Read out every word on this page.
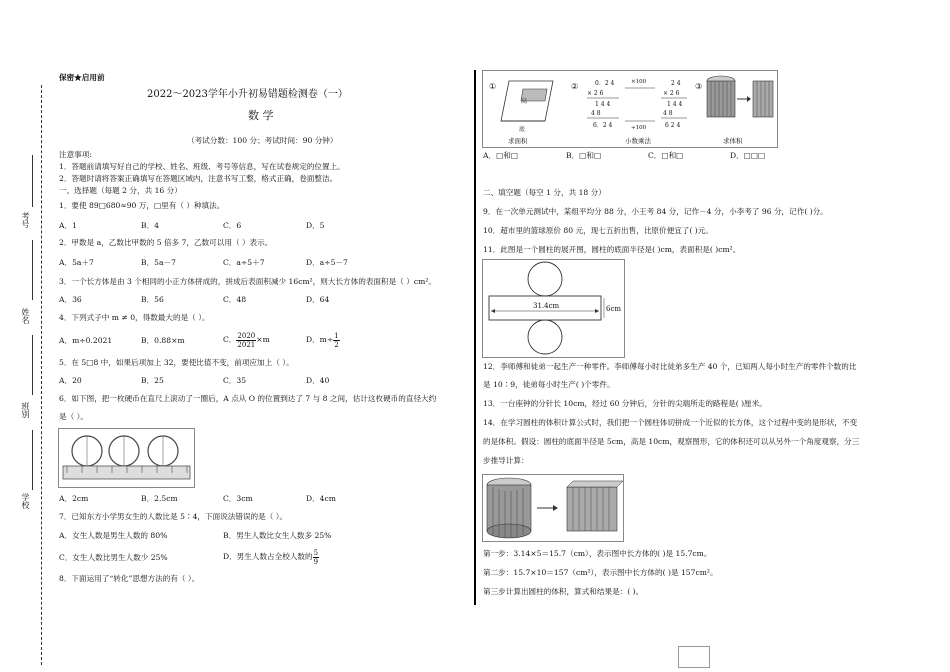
考号
姓名
班别
学校
保密★启用前
2022～2023学年小升初易错题检测卷（一）
数 学
（考试分数：100 分；考试时间：90 分钟）
注意事项:
1．答题前请填写好自己的学校、姓名、班级、考号等信息，写在试卷规定的位置上。
2．答题时请将答案正确填写在答题区域内，注意书写工整，格式正确，卷面整洁。
一、选择题（每题 2 分，共 16 分）
1．要使 89□680≈90 万，□里有（ ）种填法。
A．1	B．4	C．6	D．5
2．甲数是 a，乙数比甲数的 5 倍多 7，乙数可以用（ ）表示。
A．5a＋7	B．5a－7	C．a÷5＋7	D．a÷5－7
3．一个长方体是由 3 个相同的小正方体拼成的，拼成后表面积减少 16cm²，则大长方体的表面积是（ ）cm²。
A．36	B．56	C．48	D．64
4．下列式子中 m ≠ 0，得数最大的是（ ）。
A．m÷0.2021	B．0.88×m	C． $\frac{2020}{2021} \times m$	D．$m\div \frac{1}{2}$
5．在 5□8 中，如果后项加上 32，要使比值不变，前项应加上（ ）。
A．20	B．25	C．35	D．40
6．如下图，把一枚硬币在直尺上滚动了一圈后，A 点从 O 的位置到达了 7 与 8 之间，估计这枚硬币的直径大约
是（ ）。
A．2cm	B．2.5cm	C．3cm	D．4cm
7．已知东方小学男女生的人数比是 5∶4，下面说法错误的是（ ）。
A．女生人数是男生人数的 80%	B．男生人数比女生人数多 25%
C．女生人数比男生人数少 25%	D．男生人数占全校人数的 $\frac{5}{9}$
8．下面运用了“转化”思想方法的有（ ）。
①
高
底
求面积
②	0．2 4
× 2 6
1 4 4
4 8
6．2 4
×100
÷100
2 4
× 2 6
1 4 4
4 8
6 2 4
小数乘法
③
求体积
A．□和□	B．□和□	C．□和□	D．□□□
二、填空题（每空 1 分，共 18 分）
9．在一次单元测试中，某组平均分 88 分，小王考 84 分，记作－4 分，小李考了 96 分，记作( )分。
10．超市里的篮球原价 80 元，现七五折出售，比原价便宜了( )元。
11．此图是一个圆柱的展开图，圆柱的底面半径是( )cm，表面积是( )cm²。
31.4cm	6cm
12．李师傅和徒弟一起生产一种零件。李师傅每小时比徒弟多生产 40 个，已知两人每小时生产的零件个数的比
是 10∶9，徒弟每小时生产( )个零件。
13．一台座钟的分针长 10cm，经过 60 分钟后，分针的尖端所走的路程是( )厘米。
14．在学习圆柱的体积计算公式时，我们把一个圆柱体切拼成一个近似的长方体，这个过程中变的是形状，不变
的是体积。假设：圆柱的底面半径是 5cm，高是 10cm，观察图形，它的体积还可以从另外一个角度观察，分三
步推导计算：
第一步：3.14×5＝15.7（cm），表示图中长方体的( )是 15.7cm。
第二步：15.7×10＝157（cm²），表示图中长方体的( )是 157cm²。
第三步计算出圆柱的体积，算式和结果是：( )。
